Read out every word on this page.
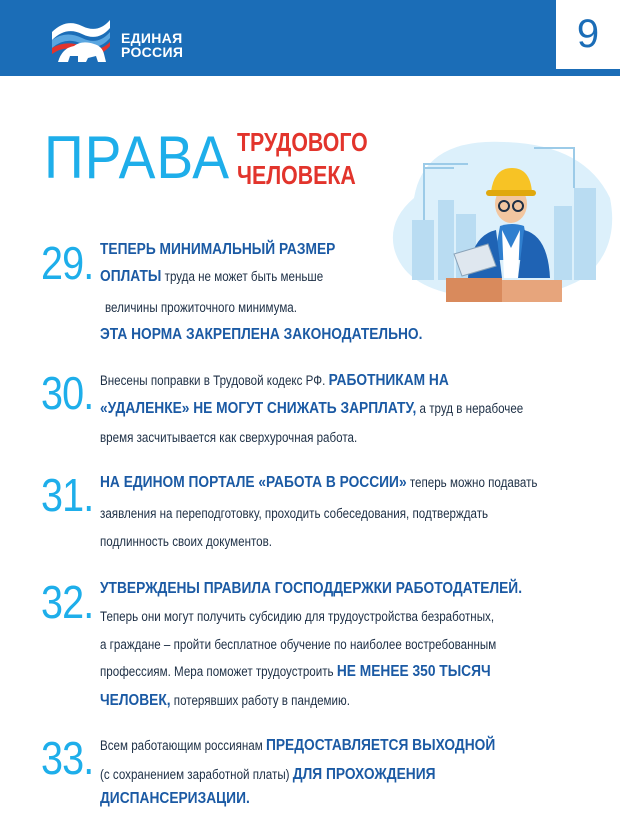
ЕДИНАЯ
РОССИЯ	9
ПРАВА ТРУДОВОГО
ЧЕЛОВЕКА
29. ТЕПЕРЬ МИНИМАЛЬНЫЙ РАЗМЕР
ОПЛАТЫ труда не может быть меньше
величины прожиточного минимума.
ЭТА НОРМА ЗАКРЕПЛЕНА ЗАКОНОДАТЕЛЬНО.
30. Внесены поправки в Трудовой кодекс РФ. РАБОТНИКАМ НА
«УДАЛЕНКЕ» НЕ МОГУТ СНИЖАТЬ ЗАРПЛАТУ, а труд в нерабочее
время засчитывается как сверхурочная работа.
31. НА ЕДИНОМ ПОРТАЛЕ «РАБОТА В РОССИИ» теперь можно подавать
заявления на переподготовку, проходить собеседования, подтверждать
подлинность своих документов.
32. УТВЕРЖДЕНЫ ПРАВИЛА ГОСПОДДЕРЖКИ РАБОТОДАТЕЛЕЙ.
Теперь они могут получить субсидию для трудоустройства безработных,
а граждане – пройти бесплатное обучение по наиболее востребованным
профессиям. Мера поможет трудоустроить НЕ МЕНЕЕ 350 ТЫСЯЧ
ЧЕЛОВЕК, потерявших работу в пандемию.
33. Всем работающим россиянам ПРЕДОСТАВЛЯЕТСЯ ВЫХОДНОЙ
(с сохранением заработной платы) ДЛЯ ПРОХОЖДЕНИЯ
ДИСПАНСЕРИЗАЦИИ.
